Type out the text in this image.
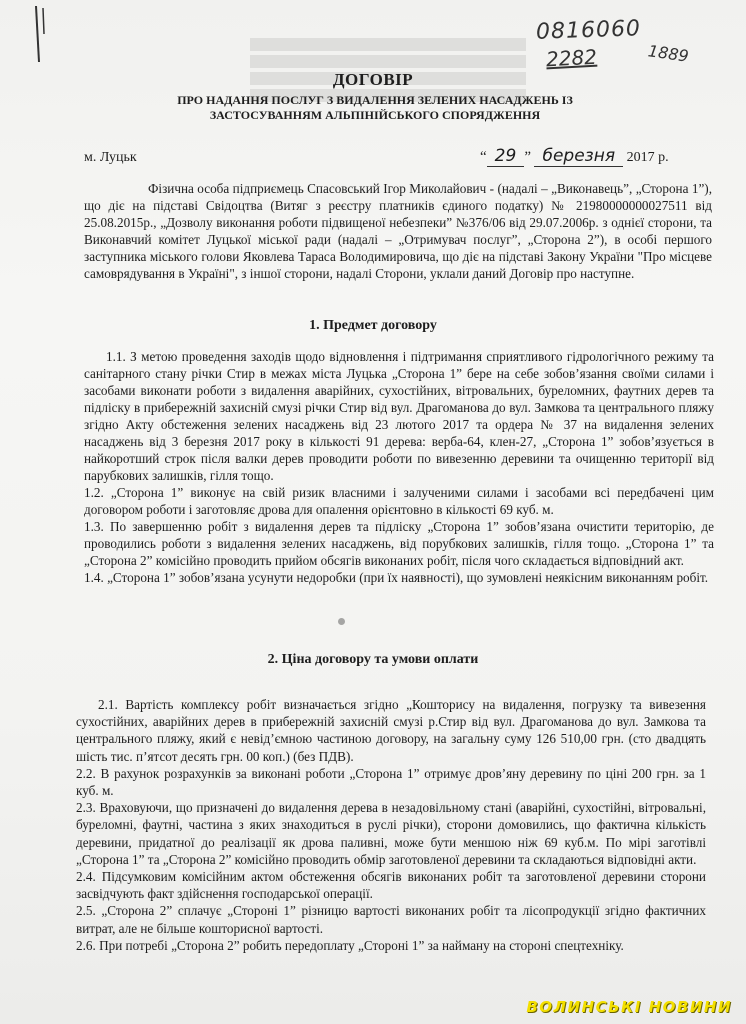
0816060
2282	1889
ДОГОВІР
ПРО НАДАННЯ ПОСЛУГ З ВИДАЛЕННЯ ЗЕЛЕНИХ НАСАДЖЕНЬ ІЗ ЗАСТОСУВАННЯМ АЛЬПІНІЙСЬКОГО СПОРЯДЖЕННЯ
м. Луцьк	“ 29 ” березня 2017 р.

Фізична особа підприємець Спасовський Ігор Миколайович - (надалі – „Виконавець”, „Сторона 1”), що діє на підставі Свідоцтва (Витяг з реєстру платників єдиного податку) № 21980000000027511 від 25.08.2015р., „Дозволу виконання роботи підвищеної небезпеки” №376/06 від 29.07.2006р. з однієї сторони, та Виконавчий комітет Луцької міської ради (надалі – „Отримувач послуг”, „Сторона 2”), в особі першого заступника міського голови Яковлева Тараса Володимировича, що діє на підставі Закону України "Про місцеве самоврядування в Україні", з іншої сторони, надалі Сторони, уклали даний Договір про наступне.

1. Предмет договору

1.1. З метою проведення заходів щодо відновлення і підтримання сприятливого гідрологічного режиму та санітарного стану річки Стир в межах міста Луцька „Сторона 1” бере на себе зобов’язання своїми силами і засобами виконати роботи з видалення аварійних, сухостійних, вітровальних, буреломних, фаутних дерев та підліску в прибережній захисній смузі річки Стир від вул. Драгоманова до вул. Замкова та центрального пляжу згідно Акту обстеження зелених насаджень від 23 лютого 2017 та ордера № 37 на видалення зелених насаджень від 3 березня 2017 року в кількості 91 дерева: верба-64, клен-27, „Сторона 1” зобов’язується в найкоротший строк після валки дерев проводити роботи по вивезенню деревини та очищенню території від парубкових залишків, гілля тощо.

1.2. „Сторона 1” виконує на свій ризик власними і залученими силами і засобами всі передбачені цим договором роботи і заготовляє дрова для опалення орієнтовно в кількості 69 куб. м.

1.3. По завершенню робіт з видалення дерев та підліску „Сторона 1” зобов’язана очистити територію, де проводились роботи з видалення зелених насаджень, від порубкових залишків, гілля тощо. „Сторона 1” та „Сторона 2” комісійно проводить прийом обсягів виконаних робіт, після чого складається відповідний акт.

1.4. „Сторона 1” зобов’язана усунути недоробки (при їх наявності), що зумовлені неякісним виконанням робіт.

2. Ціна договору та умови оплати

2.1. Вартість комплексу робіт визначається згідно „Кошторису на видалення, погрузку та вивезення сухостійних, аварійних дерев в прибережній захисній смузі р.Стир від вул. Драгоманова до вул. Замкова та центрального пляжу, який є невід’ємною частиною договору, на загальну суму 126 510,00 грн. (сто двадцять шість тис. п’ятсот десять грн. 00 коп.) (без ПДВ).

2.2. В рахунок розрахунків за виконані роботи „Сторона 1” отримує дров’яну деревину по ціні 200 грн. за 1 куб. м.

2.3. Враховуючи, що призначені до видалення дерева в незадовільному стані (аварійні, сухостійні, вітровальні, буреломні, фаутні, частина з яких знаходиться в руслі річки), сторони домовились, що фактична кількість деревини, придатної до реалізації як дрова паливні, може бути меншою ніж 69 куб.м. По мірі заготівлі „Сторона 1” та „Сторона 2” комісійно проводить обмір заготовленої деревини та складаються відповідні акти.

2.4. Підсумковим комісійним актом обстеження обсягів виконаних робіт та заготовленої деревини сторони засвідчують факт здійснення господарської операції.

2.5. „Сторона 2” сплачує „Стороні 1” різницю вартості виконаних робіт та лісопродукції згідно фактичних витрат, але не більше кошторисної вартості.

2.6. При потребі „Сторона 2” робить передоплату „Стороні 1” за найману на стороні спецтехніку.

ВОЛИНСЬКІ НОВИНИ
